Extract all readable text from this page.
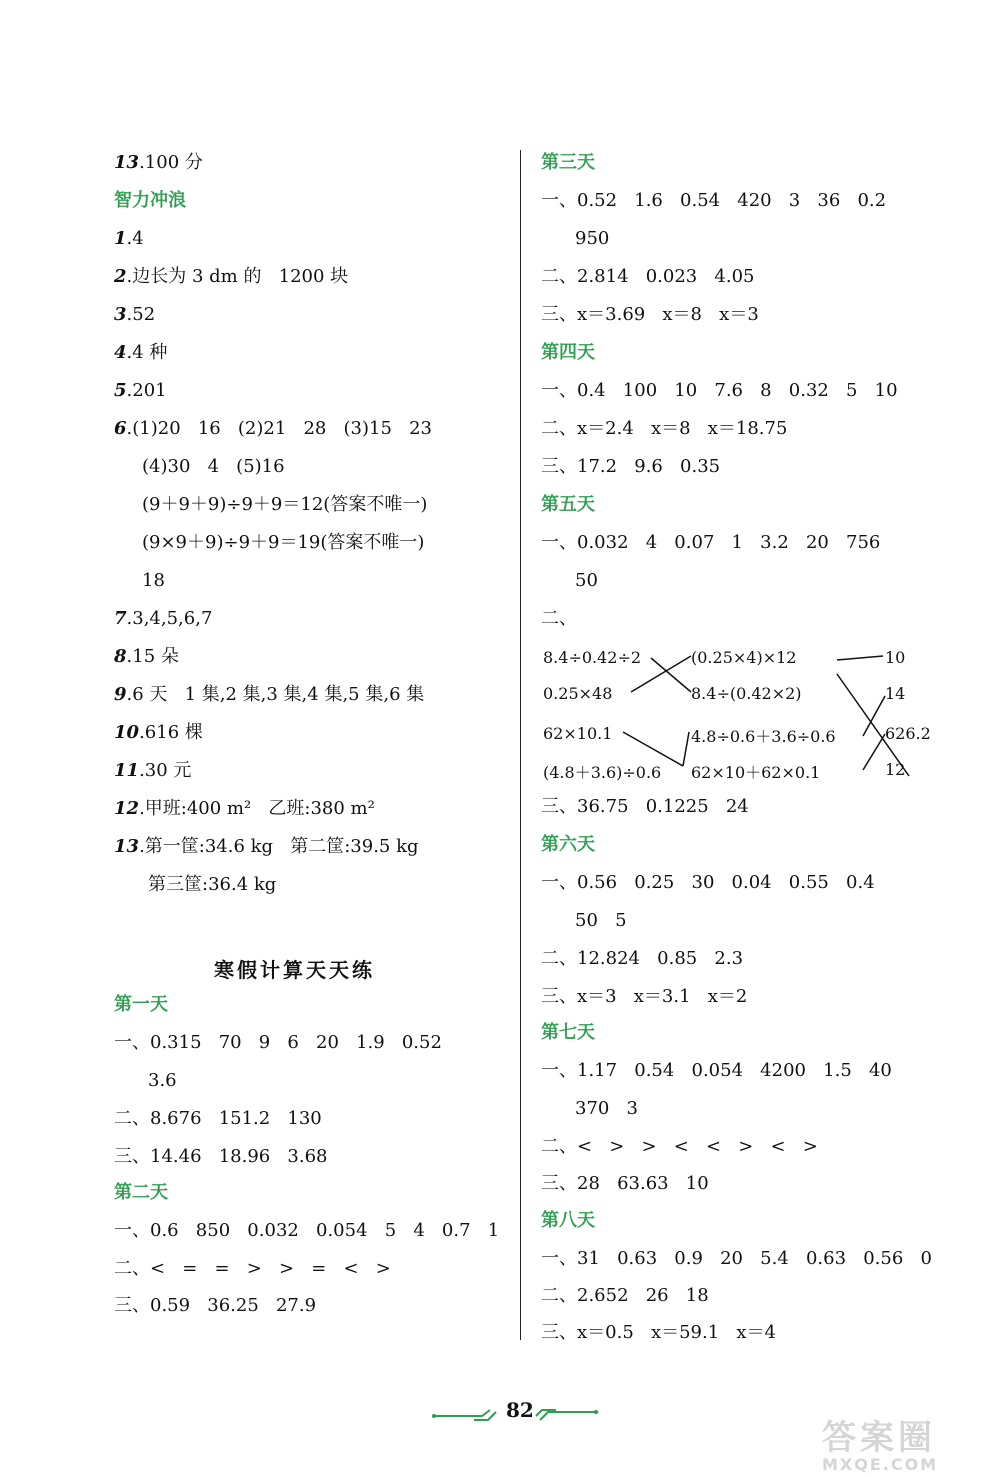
13.100 分
智力冲浪
1.4
2.边长为 3 dm 的   1200 块
3.52
4.4 种
5.201
6.(1)20   16   (2)21   28   (3)15   23
(4)30   4   (5)16
(9＋9＋9)÷9＋9＝12(答案不唯一)
(9×9＋9)÷9＋9＝19(答案不唯一)
18
7.3,4,5,6,7
8.15 朵
9.6 天   1 集,2 集,3 集,4 集,5 集,6 集
10.616 棵
11.30 元
12.甲班:400 m²   乙班:380 m²
13.第一筐:34.6 kg   第二筐:39.5 kg
第三筐:36.4 kg
第一天
一、0.315   70   9   6   20   1.9   0.52
3.6
二、8.676   151.2   130
三、14.46   18.96   3.68
第二天
一、0.6   850   0.032   0.054   5   4   0.7   1
二、<   =   =   >   >   =   <   >
三、0.59   36.25   27.9
寒假计算天天练
第三天
一、0.52   1.6   0.54   420   3   36   0.2
950
二、2.814   0.023   4.05
三、x＝3.69   x＝8   x＝3
第四天
一、0.4   100   10   7.6   8   0.32   5   10
二、x＝2.4   x＝8   x＝18.75
三、17.2   9.6   0.35
第五天
一、0.032   4   0.07   1   3.2   20   756
50
二、
三、36.75   0.1225   24
第六天
一、0.56   0.25   30   0.04   0.55   0.4
50   5
二、12.824   0.85   2.3
三、x＝3   x＝3.1   x＝2
第七天
一、1.17   0.54   0.054   4200   1.5   40
370   3
二、<   >   >   <   <   >   <   >
三、28   63.63   10
第八天
一、31   0.63   0.9   20   5.4   0.63   0.56   0
二、2.652   26   18
三、x＝0.5   x＝59.1   x＝4
8.4÷0.42÷2
0.25×48
62×10.1
(4.8＋3.6)÷0.6
(0.25×4)×12
8.4÷(0.42×2)
4.8÷0.6＋3.6÷0.6
62×10＋62×0.1
10
14
626.2
12
82
答案圈
MXQE.COM
